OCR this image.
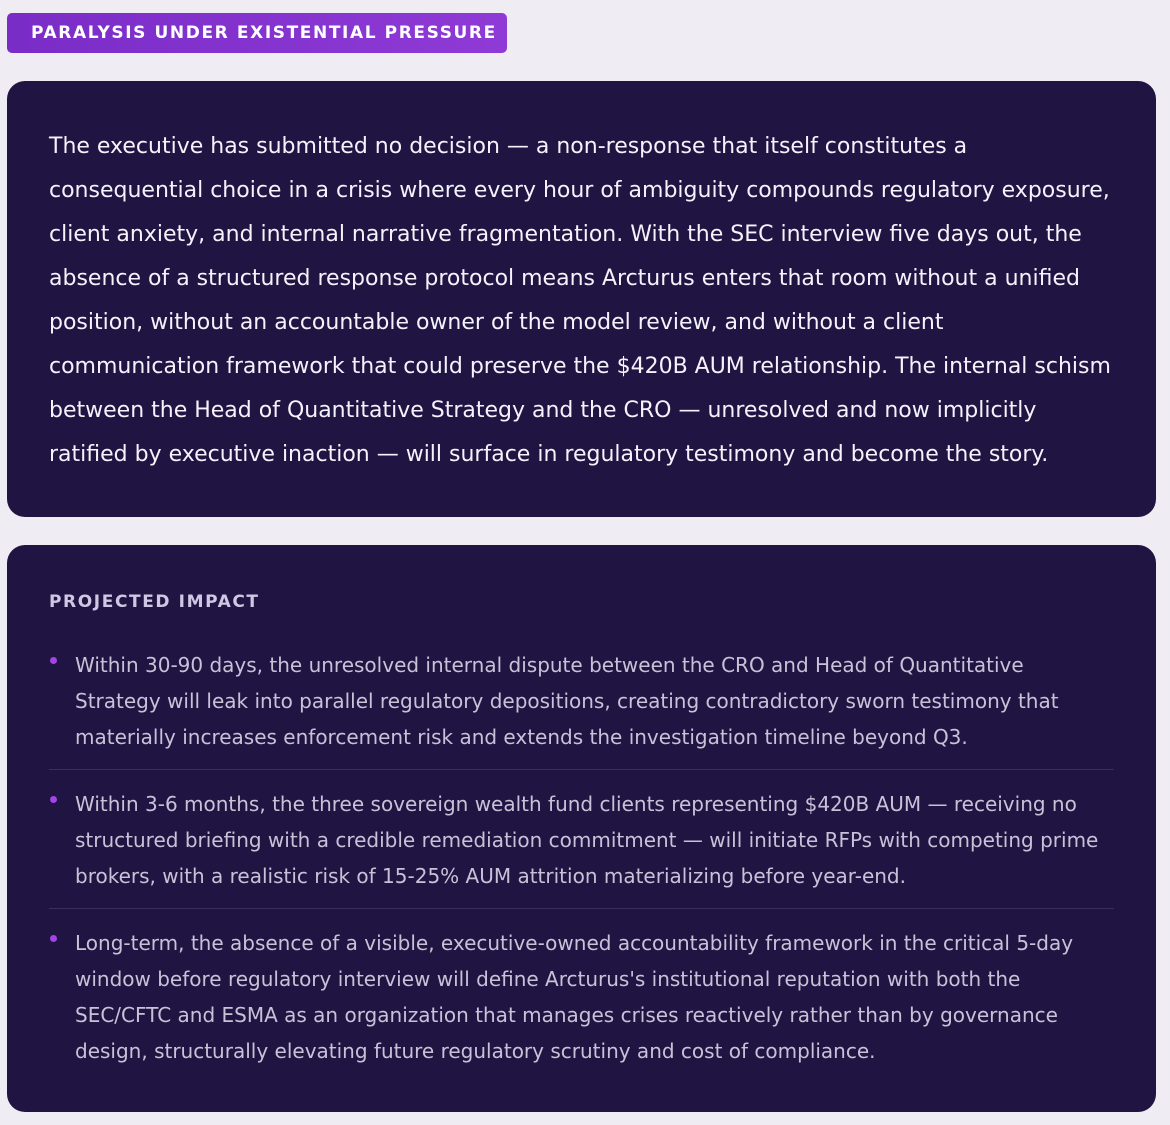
PARALYSIS UNDER EXISTENTIAL PRESSURE

The executive has submitted no decision — a non-response that itself constitutes a consequential choice in a crisis where every hour of ambiguity compounds regulatory exposure, client anxiety, and internal narrative fragmentation. With the SEC interview five days out, the absence of a structured response protocol means Arcturus enters that room without a unified position, without an accountable owner of the model review, and without a client communication framework that could preserve the $420B AUM relationship. The internal schism between the Head of Quantitative Strategy and the CRO — unresolved and now implicitly ratified by executive inaction — will surface in regulatory testimony and become the story.

PROJECTED IMPACT
Within 30-90 days, the unresolved internal dispute between the CRO and Head of Quantitative Strategy will leak into parallel regulatory depositions, creating contradictory sworn testimony that materially increases enforcement risk and extends the investigation timeline beyond Q3.
Within 3-6 months, the three sovereign wealth fund clients representing $420B AUM — receiving no structured briefing with a credible remediation commitment — will initiate RFPs with competing prime brokers, with a realistic risk of 15-25% AUM attrition materializing before year-end.
Long-term, the absence of a visible, executive-owned accountability framework in the critical 5-day window before regulatory interview will define Arcturus's institutional reputation with both the SEC/CFTC and ESMA as an organization that manages crises reactively rather than by governance design, structurally elevating future regulatory scrutiny and cost of compliance.
